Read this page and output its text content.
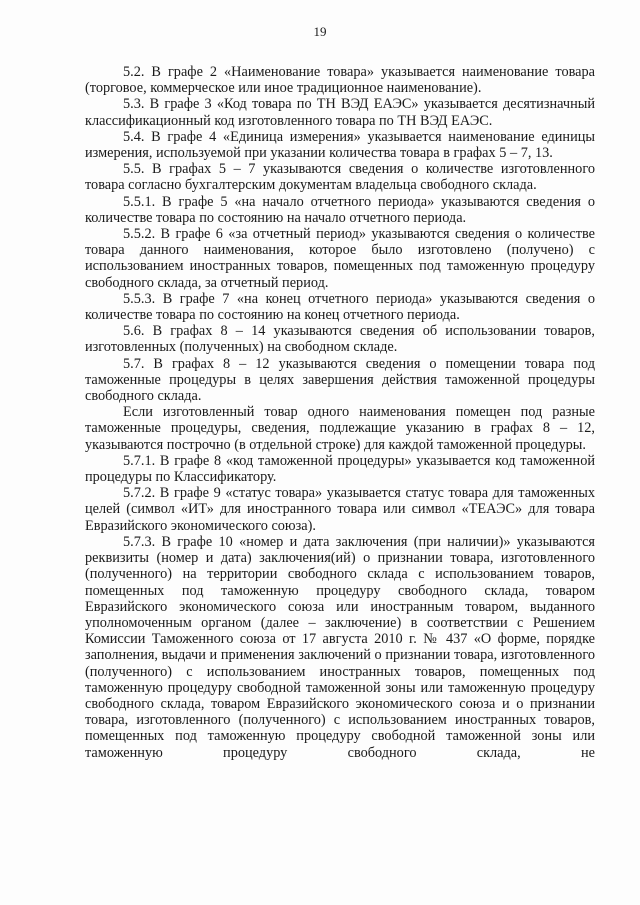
19

5.2. В графе 2 «Наименование товара» указывается наименование товара (торговое, коммерческое или иное традиционное наименование).

5.3. В графе 3 «Код товара по ТН ВЭД ЕАЭС» указывается десятизначный классификационный код изготовленного товара по ТН ВЭД ЕАЭС.

5.4. В графе 4 «Единица измерения» указывается наименование единицы измерения, используемой при указании количества товара в графах 5 – 7, 13.

5.5. В графах 5 – 7 указываются сведения о количестве изготовленного товара согласно бухгалтерским документам владельца свободного склада.

5.5.1. В графе 5 «на начало отчетного периода» указываются сведения о количестве товара по состоянию на начало отчетного периода.

5.5.2. В графе 6 «за отчетный период» указываются сведения о количестве товара данного наименования, которое было изготовлено (получено) с использованием иностранных товаров, помещенных под таможенную процедуру свободного склада, за отчетный период.

5.5.3. В графе 7 «на конец отчетного периода» указываются сведения о количестве товара по состоянию на конец отчетного периода.

5.6. В графах 8 – 14 указываются сведения об использовании товаров, изготовленных (полученных) на свободном складе.

5.7. В графах 8 – 12 указываются сведения о помещении товара под таможенные процедуры в целях завершения действия таможенной процедуры свободного склада.

Если изготовленный товар одного наименования помещен под разные таможенные процедуры, сведения, подлежащие указанию в графах 8 – 12, указываются построчно (в отдельной строке) для каждой таможенной процедуры.

5.7.1. В графе 8 «код таможенной процедуры» указывается код таможенной процедуры по Классификатору.

5.7.2. В графе 9 «статус товара» указывается статус товара для таможенных целей (символ «ИТ» для иностранного товара или символ «ТЕАЭС» для товара Евразийского экономического союза).

5.7.3. В графе 10 «номер и дата заключения (при наличии)» указываются реквизиты (номер и дата) заключения(ий) о признании товара, изготовленного (полученного) на территории свободного склада с использованием товаров, помещенных под таможенную процедуру свободного склада, товаром Евразийского экономического союза или иностранным товаром, выданного уполномоченным органом (далее – заключение) в соответствии с Решением Комиссии Таможенного союза от 17 августа 2010 г. № 437 «О форме, порядке заполнения, выдачи и применения заключений о признании товара, изготовленного (полученного) с использованием иностранных товаров, помещенных под таможенную процедуру свободной таможенной зоны или таможенную процедуру свободного склада, товаром Евразийского экономического союза и о признании товара, изготовленного (полученного) с использованием иностранных товаров, помещенных под таможенную процедуру свободной таможенной зоны или таможенную процедуру свободного склада, не
